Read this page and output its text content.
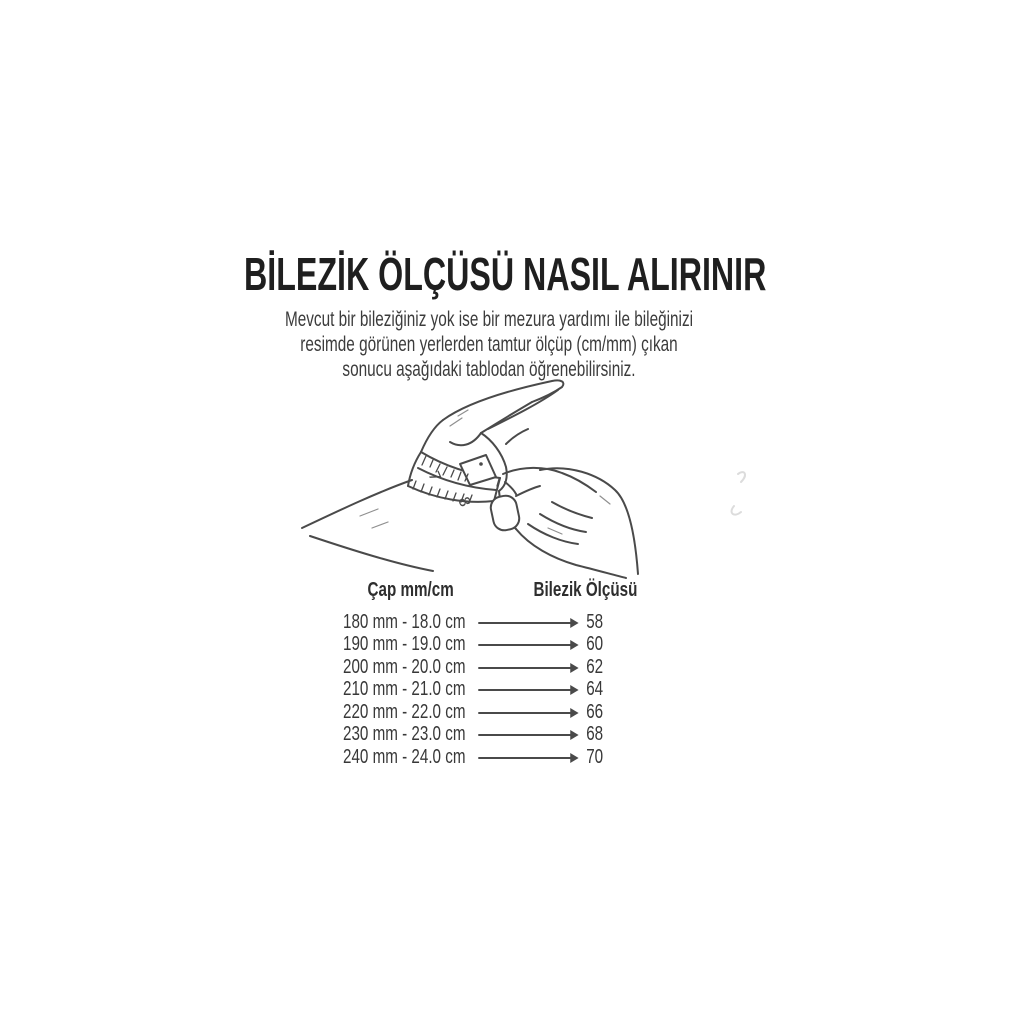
BİLEZİK ÖLÇÜSÜ NASIL ALIRINIR
Mevcut bir bileziğiniz yok ise bir mezura yardımı ile bileğinizi
resimde görünen yerlerden tamtur ölçüp (cm/mm) çıkan
sonucu aşağıdaki tablodan öğrenebilirsiniz.
7
8
Çap mm/cm	Bilezik Ölçüsü
180 mm - 18.0 cm	58
190 mm - 19.0 cm	60
200 mm - 20.0 cm	62
210 mm - 21.0 cm	64
220 mm - 22.0 cm	66
230 mm - 23.0 cm	68
240 mm - 24.0 cm	70
